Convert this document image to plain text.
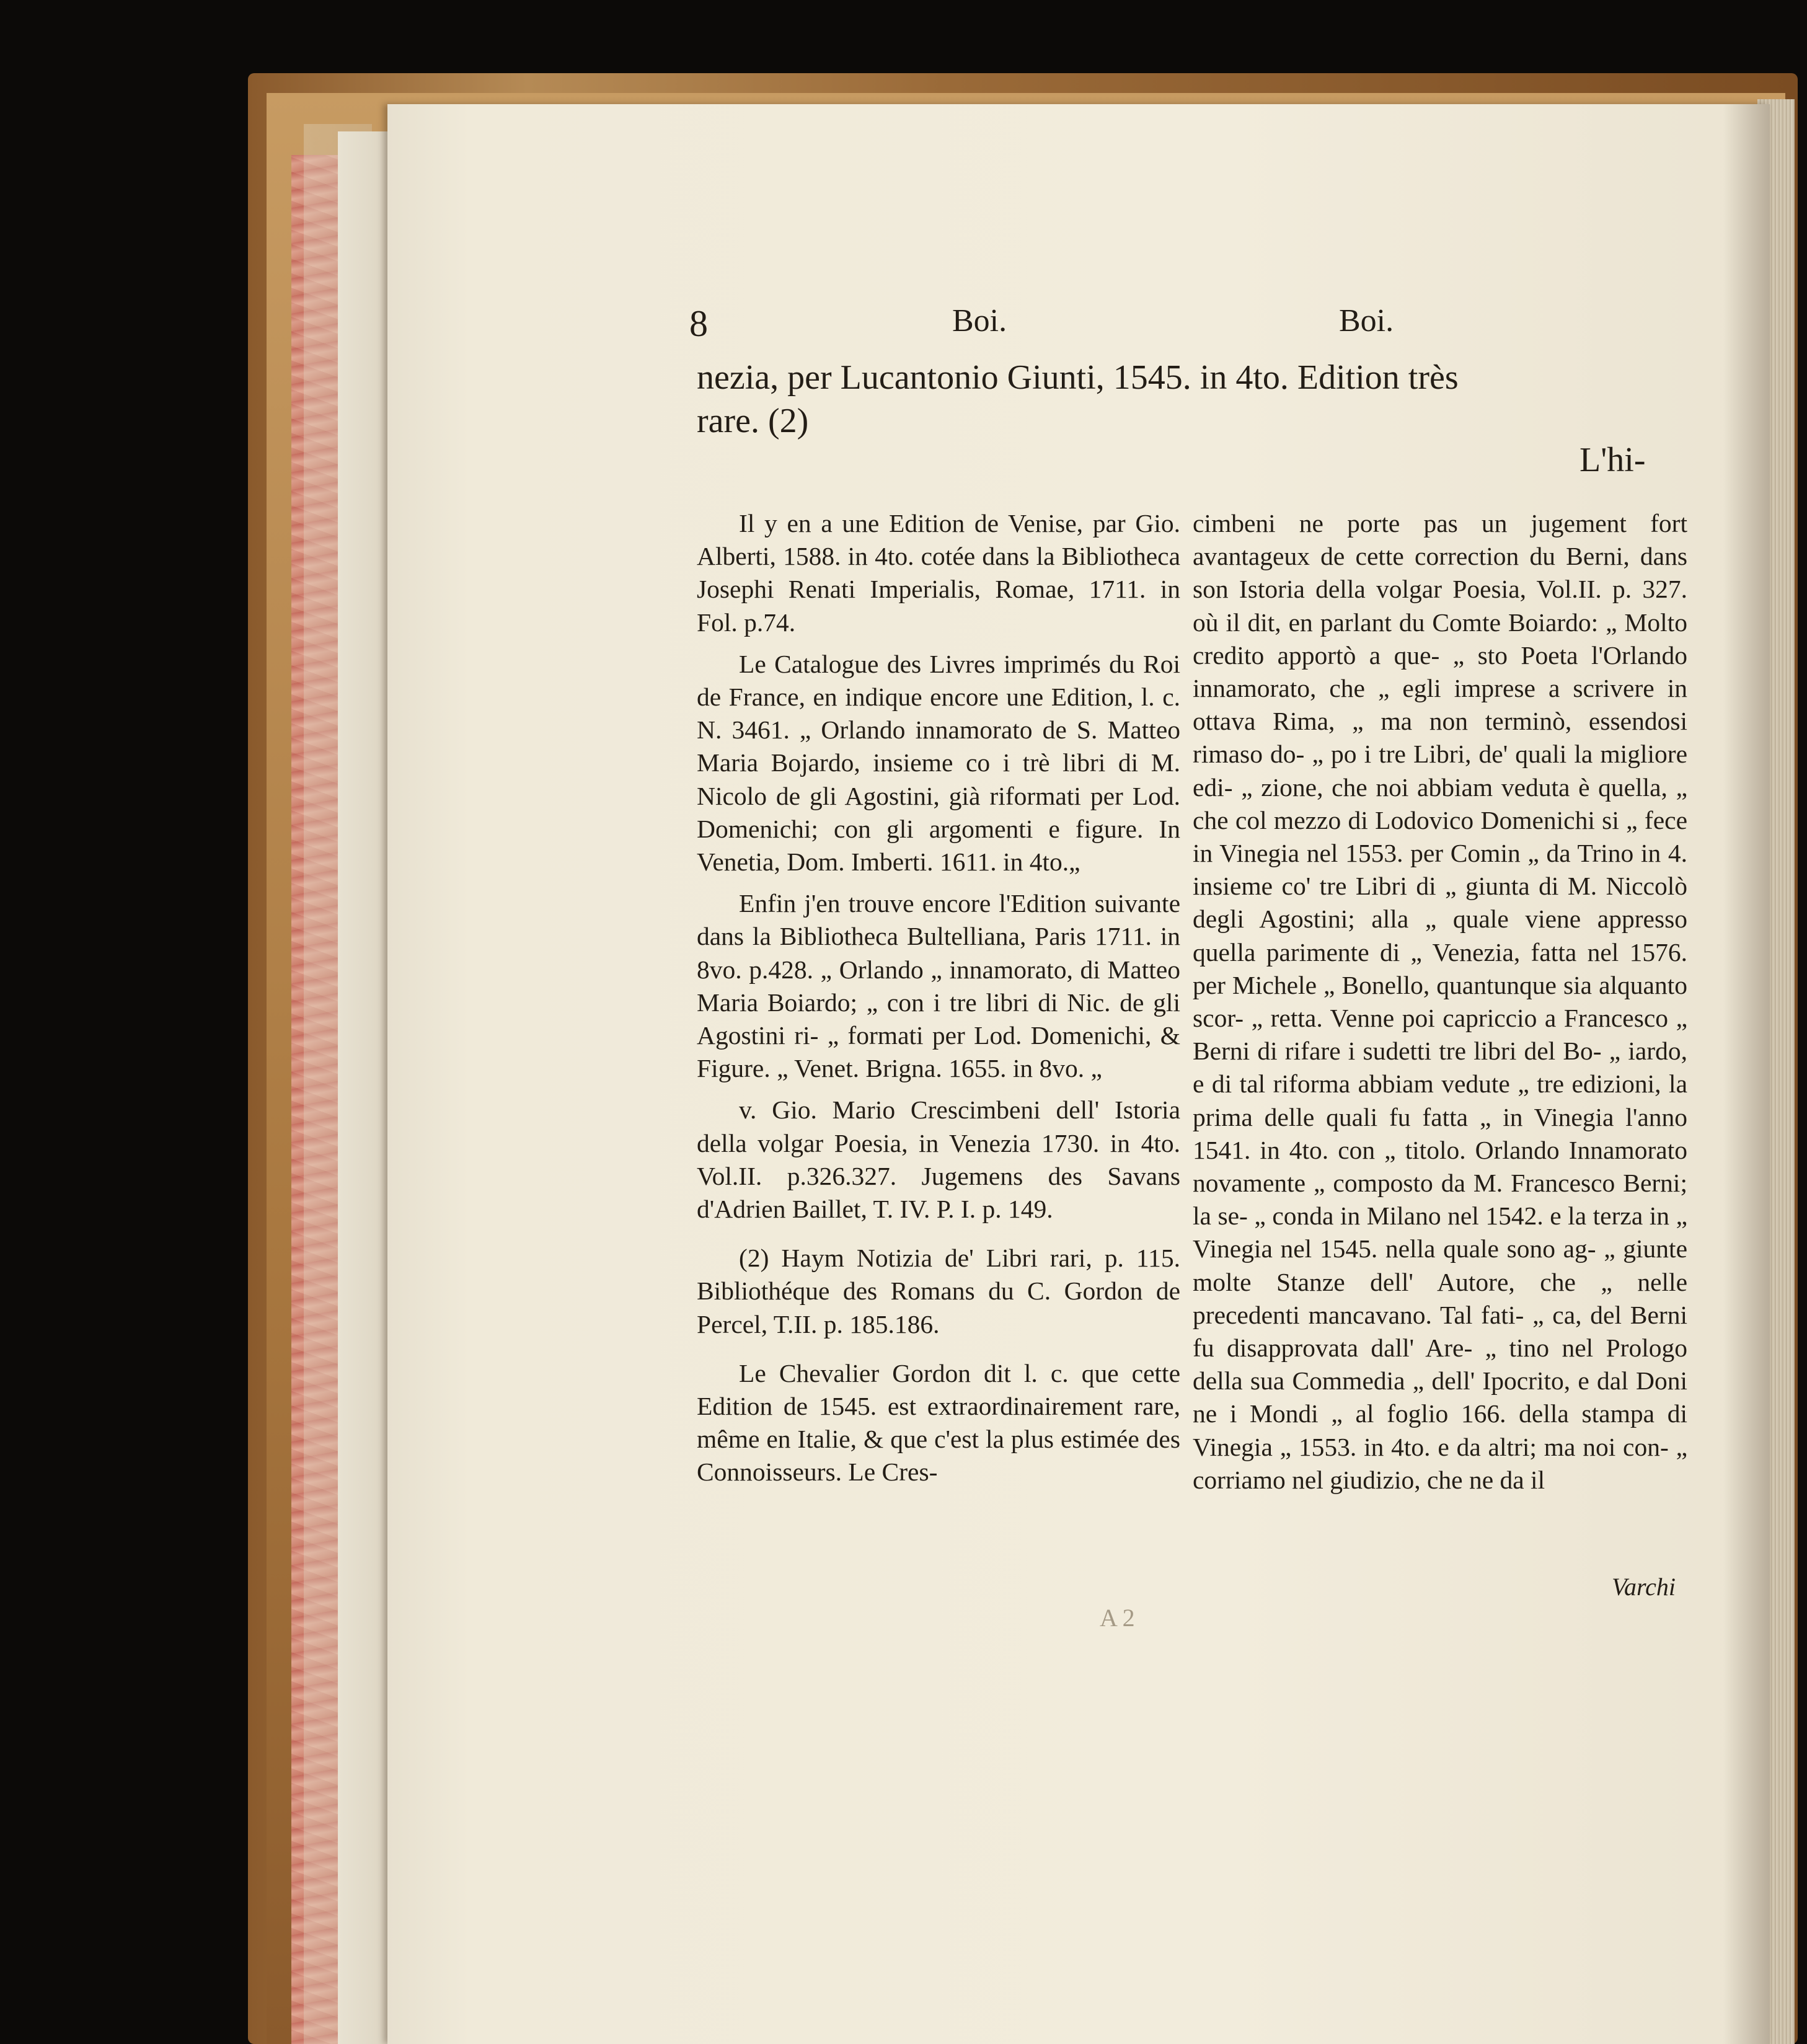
8	Boi.	Boi.
nezia, per Lucantonio Giunti, 1545. in 4to. Edition très
rare. (2)
L'hi-

Il y en a une Edition de Venise, par Gio. Alberti, 1588. in 4to. cotée dans la Bibliotheca Josephi Renati Imperialis, Romae, 1711. in Fol. p.74.

Le Catalogue des Livres imprimés du Roi de France, en indique encore une Edition, l. c. N. 3461. „ Orlando innamorato de S. Matteo Maria Bojardo, insieme co i trè libri di M. Nicolo de gli Agostini, già riformati per Lod. Domenichi; con gli argomenti e figure. In Venetia, Dom. Imberti. 1611. in 4to.„

Enfin j'en trouve encore l'Edition suivante dans la Bibliotheca Bultelliana, Paris 1711. in 8vo. p.428. „ Orlando „ innamorato, di Matteo Maria Boiardo; „ con i tre libri di Nic. de gli Agostini ri- „ formati per Lod. Domenichi, & Figure. „ Venet. Brigna. 1655. in 8vo. „

v. Gio. Mario Crescimbeni dell' Istoria della volgar Poesia, in Venezia 1730. in 4to. Vol.II. p.326.327. Jugemens des Savans d'Adrien Baillet, T. IV. P. I. p. 149.

(2) Haym Notizia de' Libri rari, p. 115. Bibliothéque des Romans du C. Gordon de Percel, T.II. p. 185.186.

Le Chevalier Gordon dit l. c. que cette Edition de 1545. est extraordinairement rare, même en Italie, & que c'est la plus estimée des Connoisseurs. Le Cres-

cimbeni ne porte pas un jugement fort avantageux de cette correction du Berni, dans son Istoria della volgar Poesia, Vol.II. p. 327. où il dit, en parlant du Comte Boiardo: „ Molto credito apportò a que- „ sto Poeta l'Orlando innamorato, che „ egli imprese a scrivere in ottava Rima, „ ma non terminò, essendosi rimaso do- „ po i tre Libri, de' quali la migliore edi- „ zione, che noi abbiam veduta è quella, „ che col mezzo di Lodovico Domenichi si „ fece in Vinegia nel 1553. per Comin „ da Trino in 4. insieme co' tre Libri di „ giunta di M. Niccolò degli Agostini; alla „ quale viene appresso quella parimente di „ Venezia, fatta nel 1576. per Michele „ Bonello, quantunque sia alquanto scor- „ retta. Venne poi capriccio a Francesco „ Berni di rifare i sudetti tre libri del Bo- „ iardo, e di tal riforma abbiam vedute „ tre edizioni, la prima delle quali fu fatta „ in Vinegia l'anno 1541. in 4to. con „ titolo. Orlando Innamorato novamente „ composto da M. Francesco Berni; la se- „ conda in Milano nel 1542. e la terza in „ Vinegia nel 1545. nella quale sono ag- „ giunte molte Stanze dell' Autore, che „ nelle precedenti mancavano. Tal fati- „ ca, del Berni fu disapprovata dall' Are- „ tino nel Prologo della sua Commedia „ dell' Ipocrito, e dal Doni ne i Mondi „ al foglio 166. della stampa di Vinegia „ 1553. in 4to. e da altri; ma noi con- „ corriamo nel giudizio, che ne da il

Varchi
A 2
